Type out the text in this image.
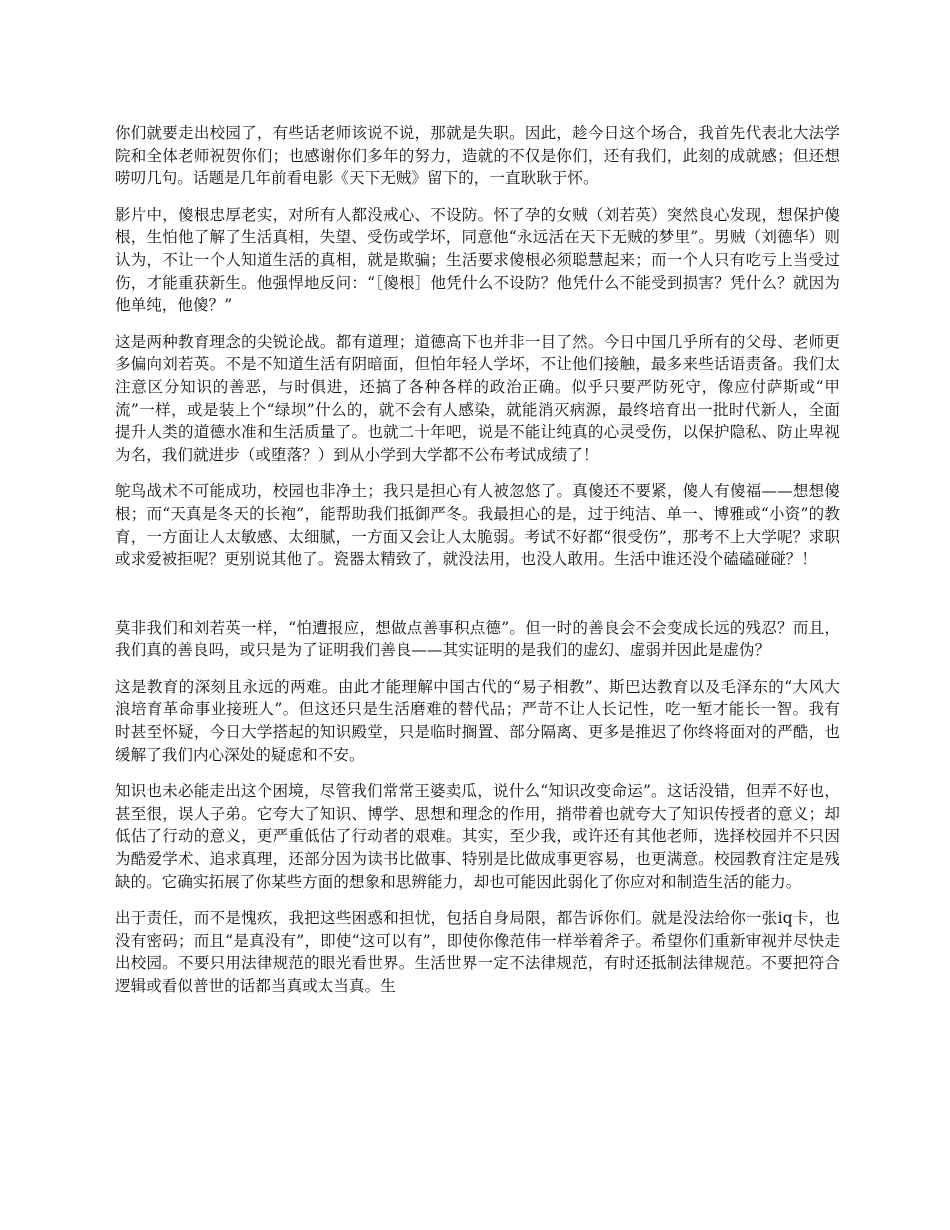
你们就要走出校园了，有些话老师该说不说，那就是失职。因此，趁今日这个场合，我首先代表北大法学院和全体老师祝贺你们；也感谢你们多年的努力，造就的不仅是你们，还有我们，此刻的成就感；但还想唠叨几句。话题是几年前看电影《天下无贼》留下的，一直耿耿于怀。

影片中，傻根忠厚老实，对所有人都没戒心、不设防。怀了孕的女贼（刘若英）突然良心发现，想保护傻根，生怕他了解了生活真相，失望、受伤或学坏，同意他“永远活在天下无贼的梦里”。男贼（刘德华）则认为，不让一个人知道生活的真相，就是欺骗；生活要求傻根必须聪慧起来；而一个人只有吃亏上当受过伤，才能重获新生。他强悍地反问：“［傻根］他凭什么不设防？他凭什么不能受到损害？凭什么？就因为他单纯，他傻？”

这是两种教育理念的尖锐论战。都有道理；道德高下也并非一目了然。今日中国几乎所有的父母、老师更多偏向刘若英。不是不知道生活有阴暗面，但怕年轻人学坏，不让他们接触，最多来些话语责备。我们太注意区分知识的善恶，与时俱进，还搞了各种各样的政治正确。似乎只要严防死守，像应付萨斯或“甲流”一样，或是装上个“绿坝”什么的，就不会有人感染，就能消灭病源，最终培育出一批时代新人，全面提升人类的道德水准和生活质量了。也就二十年吧，说是不能让纯真的心灵受伤，以保护隐私、防止卑视为名，我们就进步（或堕落？）到从小学到大学都不公布考试成绩了！

鸵鸟战术不可能成功，校园也非净土；我只是担心有人被忽悠了。真傻还不要紧，傻人有傻福——想想傻根；而“天真是冬天的长袍”，能帮助我们抵御严冬。我最担心的是，过于纯洁、单一、博雅或“小资”的教育，一方面让人太敏感、太细腻，一方面又会让人太脆弱。考试不好都“很受伤”，那考不上大学呢？求职或求爱被拒呢？更别说其他了。瓷器太精致了，就没法用，也没人敢用。生活中谁还没个磕磕碰碰？！

莫非我们和刘若英一样，“怕遭报应，想做点善事积点德”。但一时的善良会不会变成长远的残忍？而且，我们真的善良吗，或只是为了证明我们善良——其实证明的是我们的虚幻、虚弱并因此是虚伪？

这是教育的深刻且永远的两难。由此才能理解中国古代的“易子相教”、斯巴达教育以及毛泽东的“大风大浪培育革命事业接班人”。但这还只是生活磨难的替代品；严苛不让人长记性，吃一堑才能长一智。我有时甚至怀疑，今日大学搭起的知识殿堂，只是临时搁置、部分隔离、更多是推迟了你终将面对的严酷，也缓解了我们内心深处的疑虑和不安。

知识也未必能走出这个困境，尽管我们常常王婆卖瓜，说什么“知识改变命运”。这话没错，但弄不好也，甚至很，误人子弟。它夸大了知识、博学、思想和理念的作用，捎带着也就夸大了知识传授者的意义；却低估了行动的意义，更严重低估了行动者的艰难。其实，至少我，或许还有其他老师，选择校园并不只因为酷爱学术、追求真理，还部分因为读书比做事、特别是比做成事更容易，也更满意。校园教育注定是残缺的。它确实拓展了你某些方面的想象和思辨能力，却也可能因此弱化了你应对和制造生活的能力。

出于责任，而不是愧疚，我把这些困惑和担忧，包括自身局限，都告诉你们。就是没法给你一张iq卡，也没有密码；而且“是真没有”，即使“这可以有”，即使你像范伟一样举着斧子。希望你们重新审视并尽快走出校园。不要只用法律规范的眼光看世界。生活世界一定不法律规范，有时还抵制法律规范。不要把符合逻辑或看似普世的话都当真或太当真。生
